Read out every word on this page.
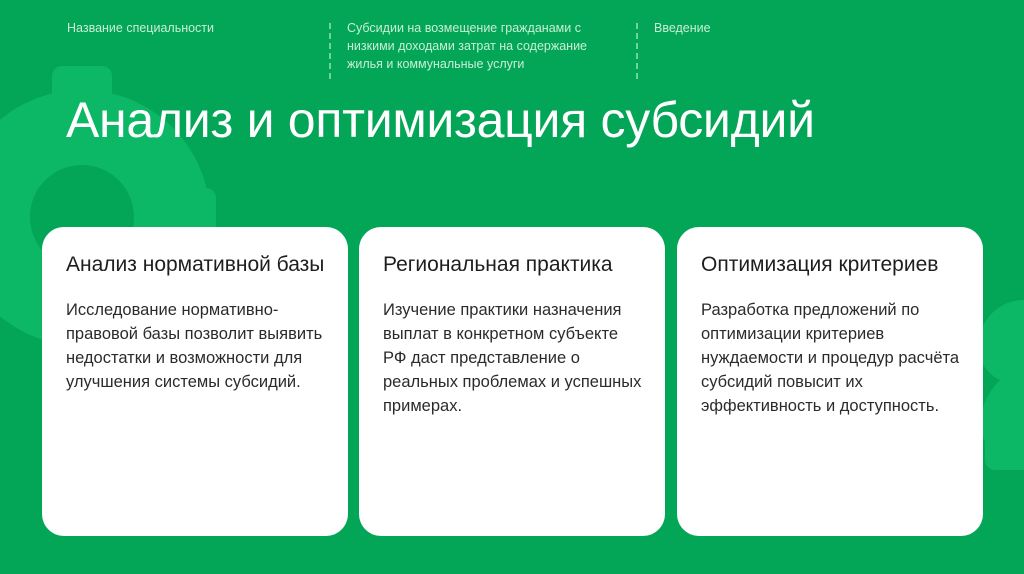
Название специальности	Субсидии на возмещение гражданами с низкими доходами затрат на содержание жилья и коммунальные услуги
Введение
Анализ и оптимизация субсидий
Анализ нормативной базы

Исследование нормативно-правовой базы позволит выявить недостатки и возможности для улучшения системы субсидий.

Региональная практика

Изучение практики назначения выплат в конкретном субъекте РФ даст представление о реальных проблемах и успешных примерах.

Оптимизация критериев

Разработка предложений по оптимизации критериев нуждаемости и процедур расчёта субсидий повысит их эффективность и доступность.
